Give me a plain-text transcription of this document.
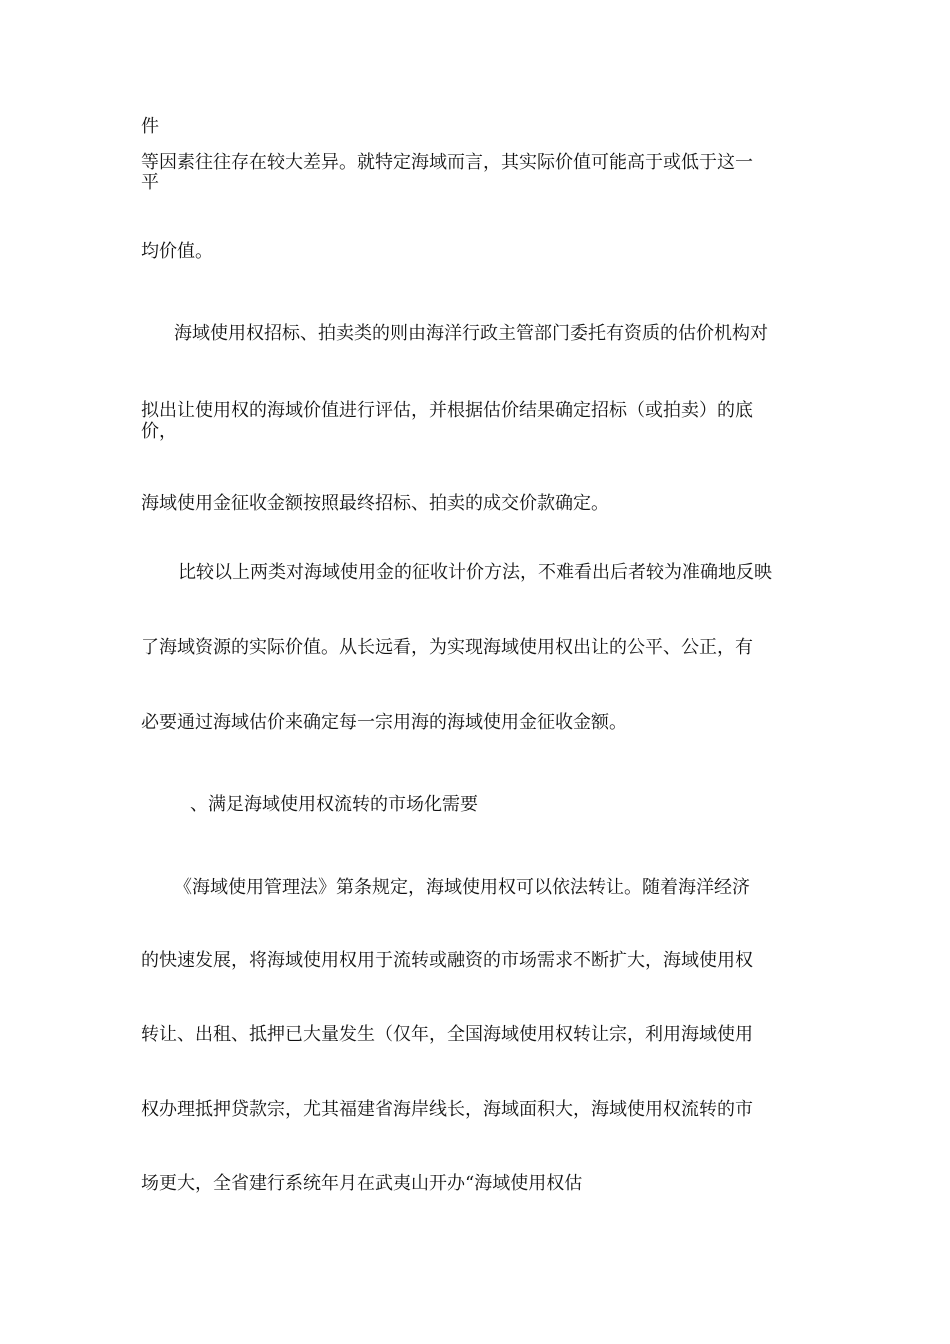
件
等因素往往存在较大差异。就特定海域而言，其实际价值可能高于或低于这一
平
均价值。
海域使用权招标、拍卖类的则由海洋行政主管部门委托有资质的估价机构对
拟出让使用权的海域价值进行评估，并根据估价结果确定招标（或拍卖）的底
价，
海域使用金征收金额按照最终招标、拍卖的成交价款确定。
比较以上两类对海域使用金的征收计价方法，不难看出后者较为准确地反映
了海域资源的实际价值。从长远看，为实现海域使用权出让的公平、公正，有
必要通过海域估价来确定每一宗用海的海域使用金征收金额。
、满足海域使用权流转的市场化需要
《海域使用管理法》第条规定，海域使用权可以依法转让。随着海洋经济
的快速发展，将海域使用权用于流转或融资的市场需求不断扩大，海域使用权
转让、出租、抵押已大量发生（仅年，全国海域使用权转让宗，利用海域使用
权办理抵押贷款宗，尤其福建省海岸线长，海域面积大，海域使用权流转的市
场更大，全省建行系统年月在武夷山开办“海域使用权估
